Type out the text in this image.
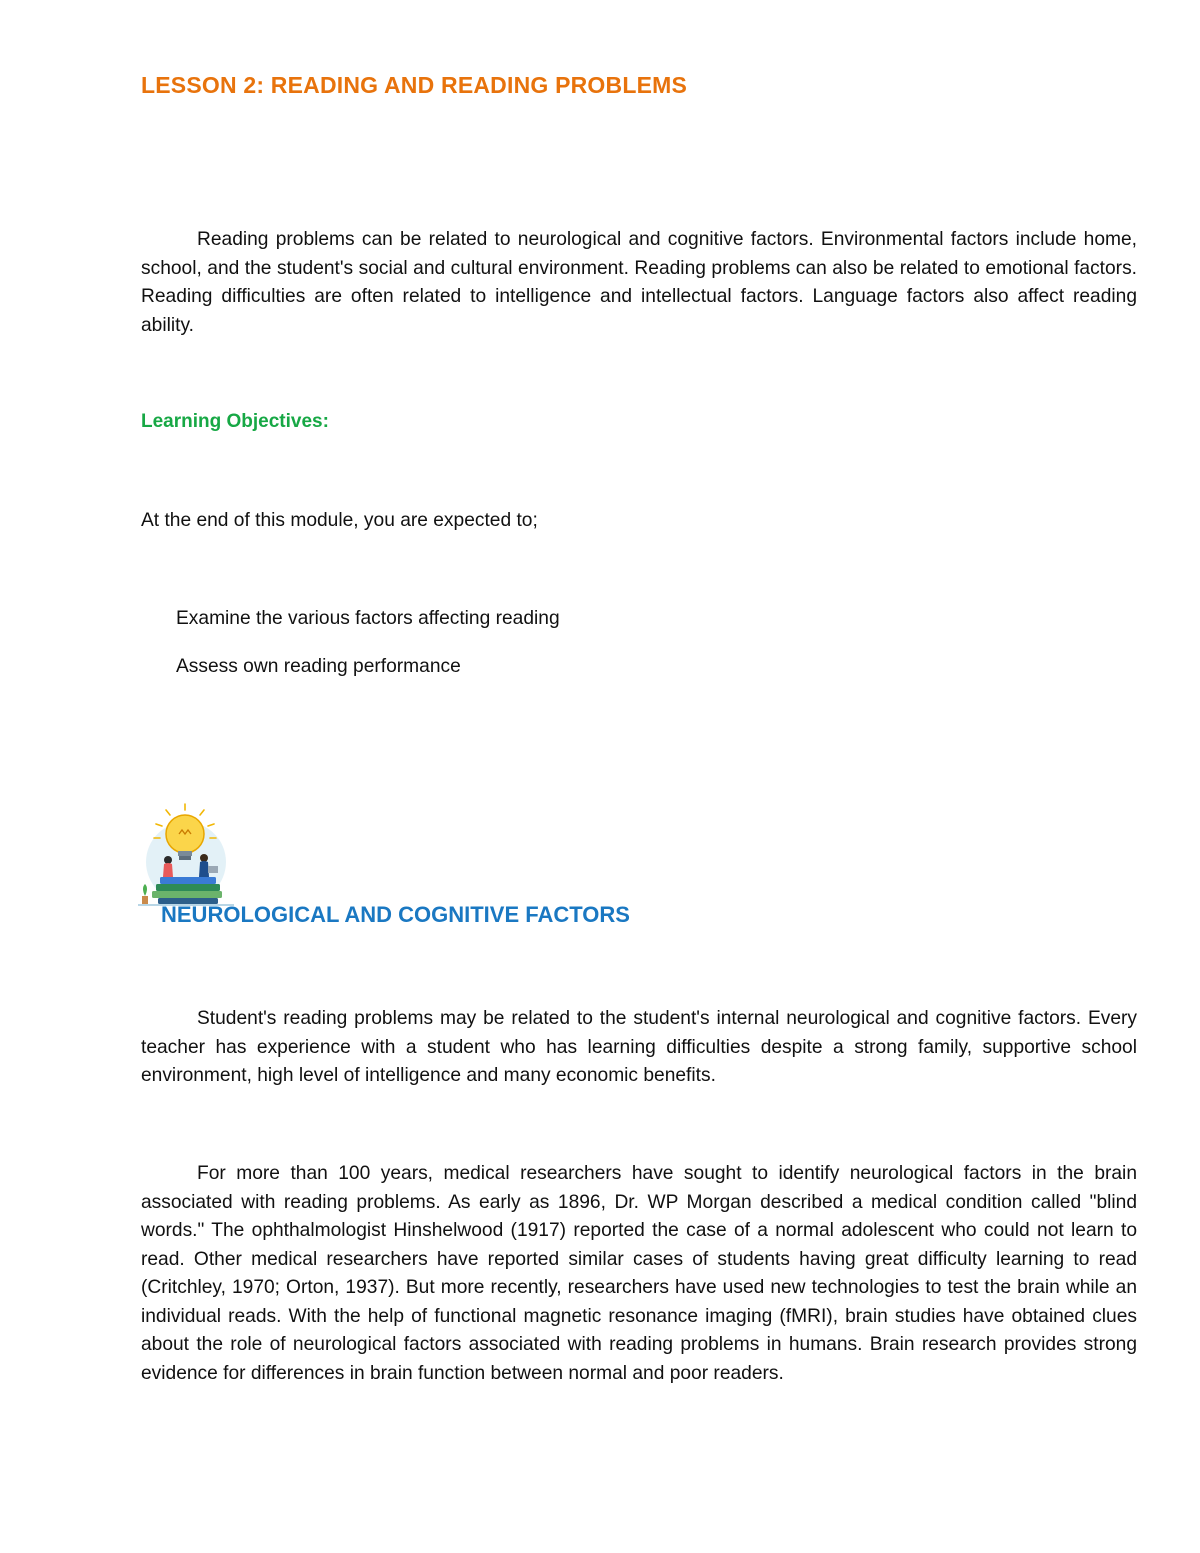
LESSON 2: READING AND READING PROBLEMS

Reading problems can be related to neurological and cognitive factors. Environmental factors include home, school, and the student's social and cultural environment. Reading problems can also be related to emotional factors. Reading difficulties are often related to intelligence and intellectual factors. Language factors also affect reading ability.

Learning Objectives:

At the end of this module, you are expected to;

Examine the various factors affecting reading

Assess own reading performance

NEUROLOGICAL AND COGNITIVE FACTORS

Student's reading problems may be related to the student's internal neurological and cognitive factors. Every teacher has experience with a student who has learning difficulties despite a strong family, supportive school environment, high level of intelligence and many economic benefits.

For more than 100 years, medical researchers have sought to identify neurological factors in the brain associated with reading problems. As early as 1896, Dr. WP Morgan described a medical condition called "blind words." The ophthalmologist Hinshelwood (1917) reported the case of a normal adolescent who could not learn to read. Other medical researchers have reported similar cases of students having great difficulty learning to read (Critchley, 1970; Orton, 1937). But more recently, researchers have used new technologies to test the brain while an individual reads. With the help of functional magnetic resonance imaging (fMRI), brain studies have obtained clues about the role of neurological factors associated with reading problems in humans. Brain research provides strong evidence for differences in brain function between normal and poor readers.
